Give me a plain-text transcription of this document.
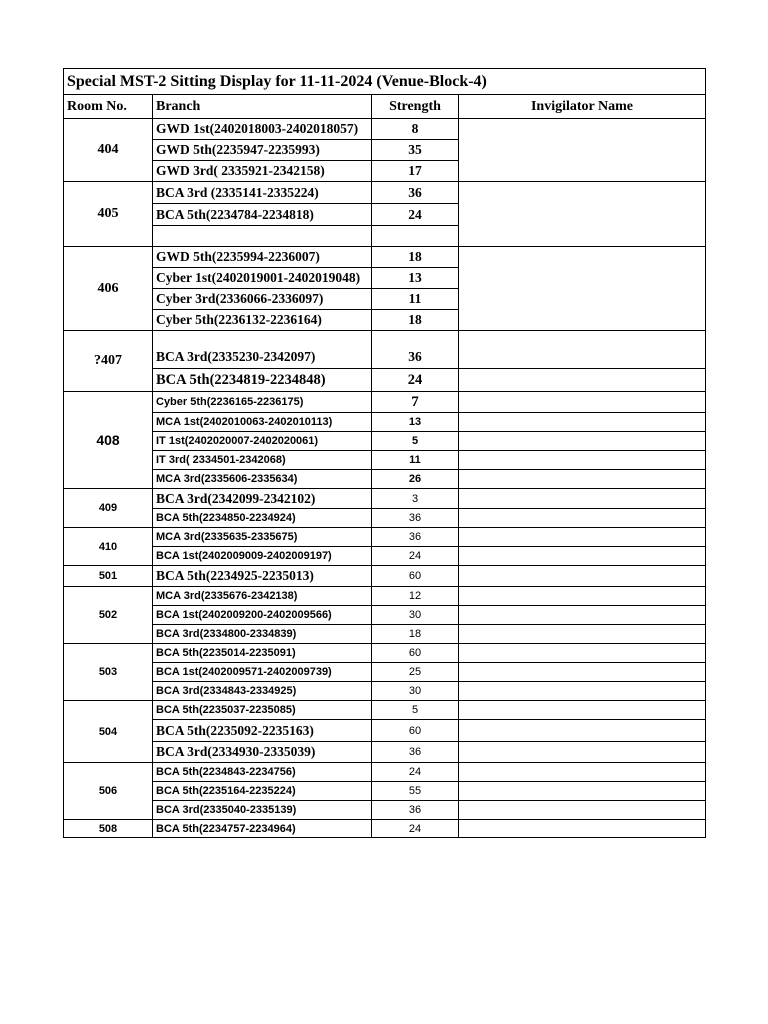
Special MST-2 Sitting Display for 11-11-2024 (Venue-Block-4)			
Room No.	Branch	Strength	Invigilator Name
404	GWD 1st(2402018003-2402018057)	8	
	GWD 5th(2235947-2235993)	35	
	GWD 3rd( 2335921-2342158)	17	
405	BCA 3rd (2335141-2335224)	36	
	BCA 5th(2234784-2234818)	24	

406	GWD 5th(2235994-2236007)	18	
	Cyber 1st(2402019001-2402019048)	13	
	Cyber 3rd(2336066-2336097)	11	
	Cyber 5th(2236132-2236164)	18	
?407	BCA 3rd(2335230-2342097)	36	
	BCA 5th(2234819-2234848)	24	
408	Cyber 5th(2236165-2236175)	7	
	MCA 1st(2402010063-2402010113)	13	
	IT 1st(2402020007-2402020061)	5	
	IT 3rd( 2334501-2342068)	11	
	MCA 3rd(2335606-2335634)	26	
409	BCA 3rd(2342099-2342102)	3	
	BCA 5th(2234850-2234924)	36	
410	MCA 3rd(2335635-2335675)	36	
	BCA 1st(2402009009-2402009197)	24	
501	BCA 5th(2234925-2235013)	60	
502	MCA 3rd(2335676-2342138)	12	
	BCA 1st(2402009200-2402009566)	30	
	BCA 3rd(2334800-2334839)	18	
503	BCA 5th(2235014-2235091)	60	
	BCA 1st(2402009571-2402009739)	25	
	BCA 3rd(2334843-2334925)	30	
504	BCA 5th(2235037-2235085)	5	
	BCA 5th(2235092-2235163)	60	
	BCA 3rd(2334930-2335039)	36	
506	BCA 5th(2234843-2234756)	24	
	BCA 5th(2235164-2235224)	55	
	BCA 3rd(2335040-2335139)	36	
508	BCA 5th(2234757-2234964)	24	
